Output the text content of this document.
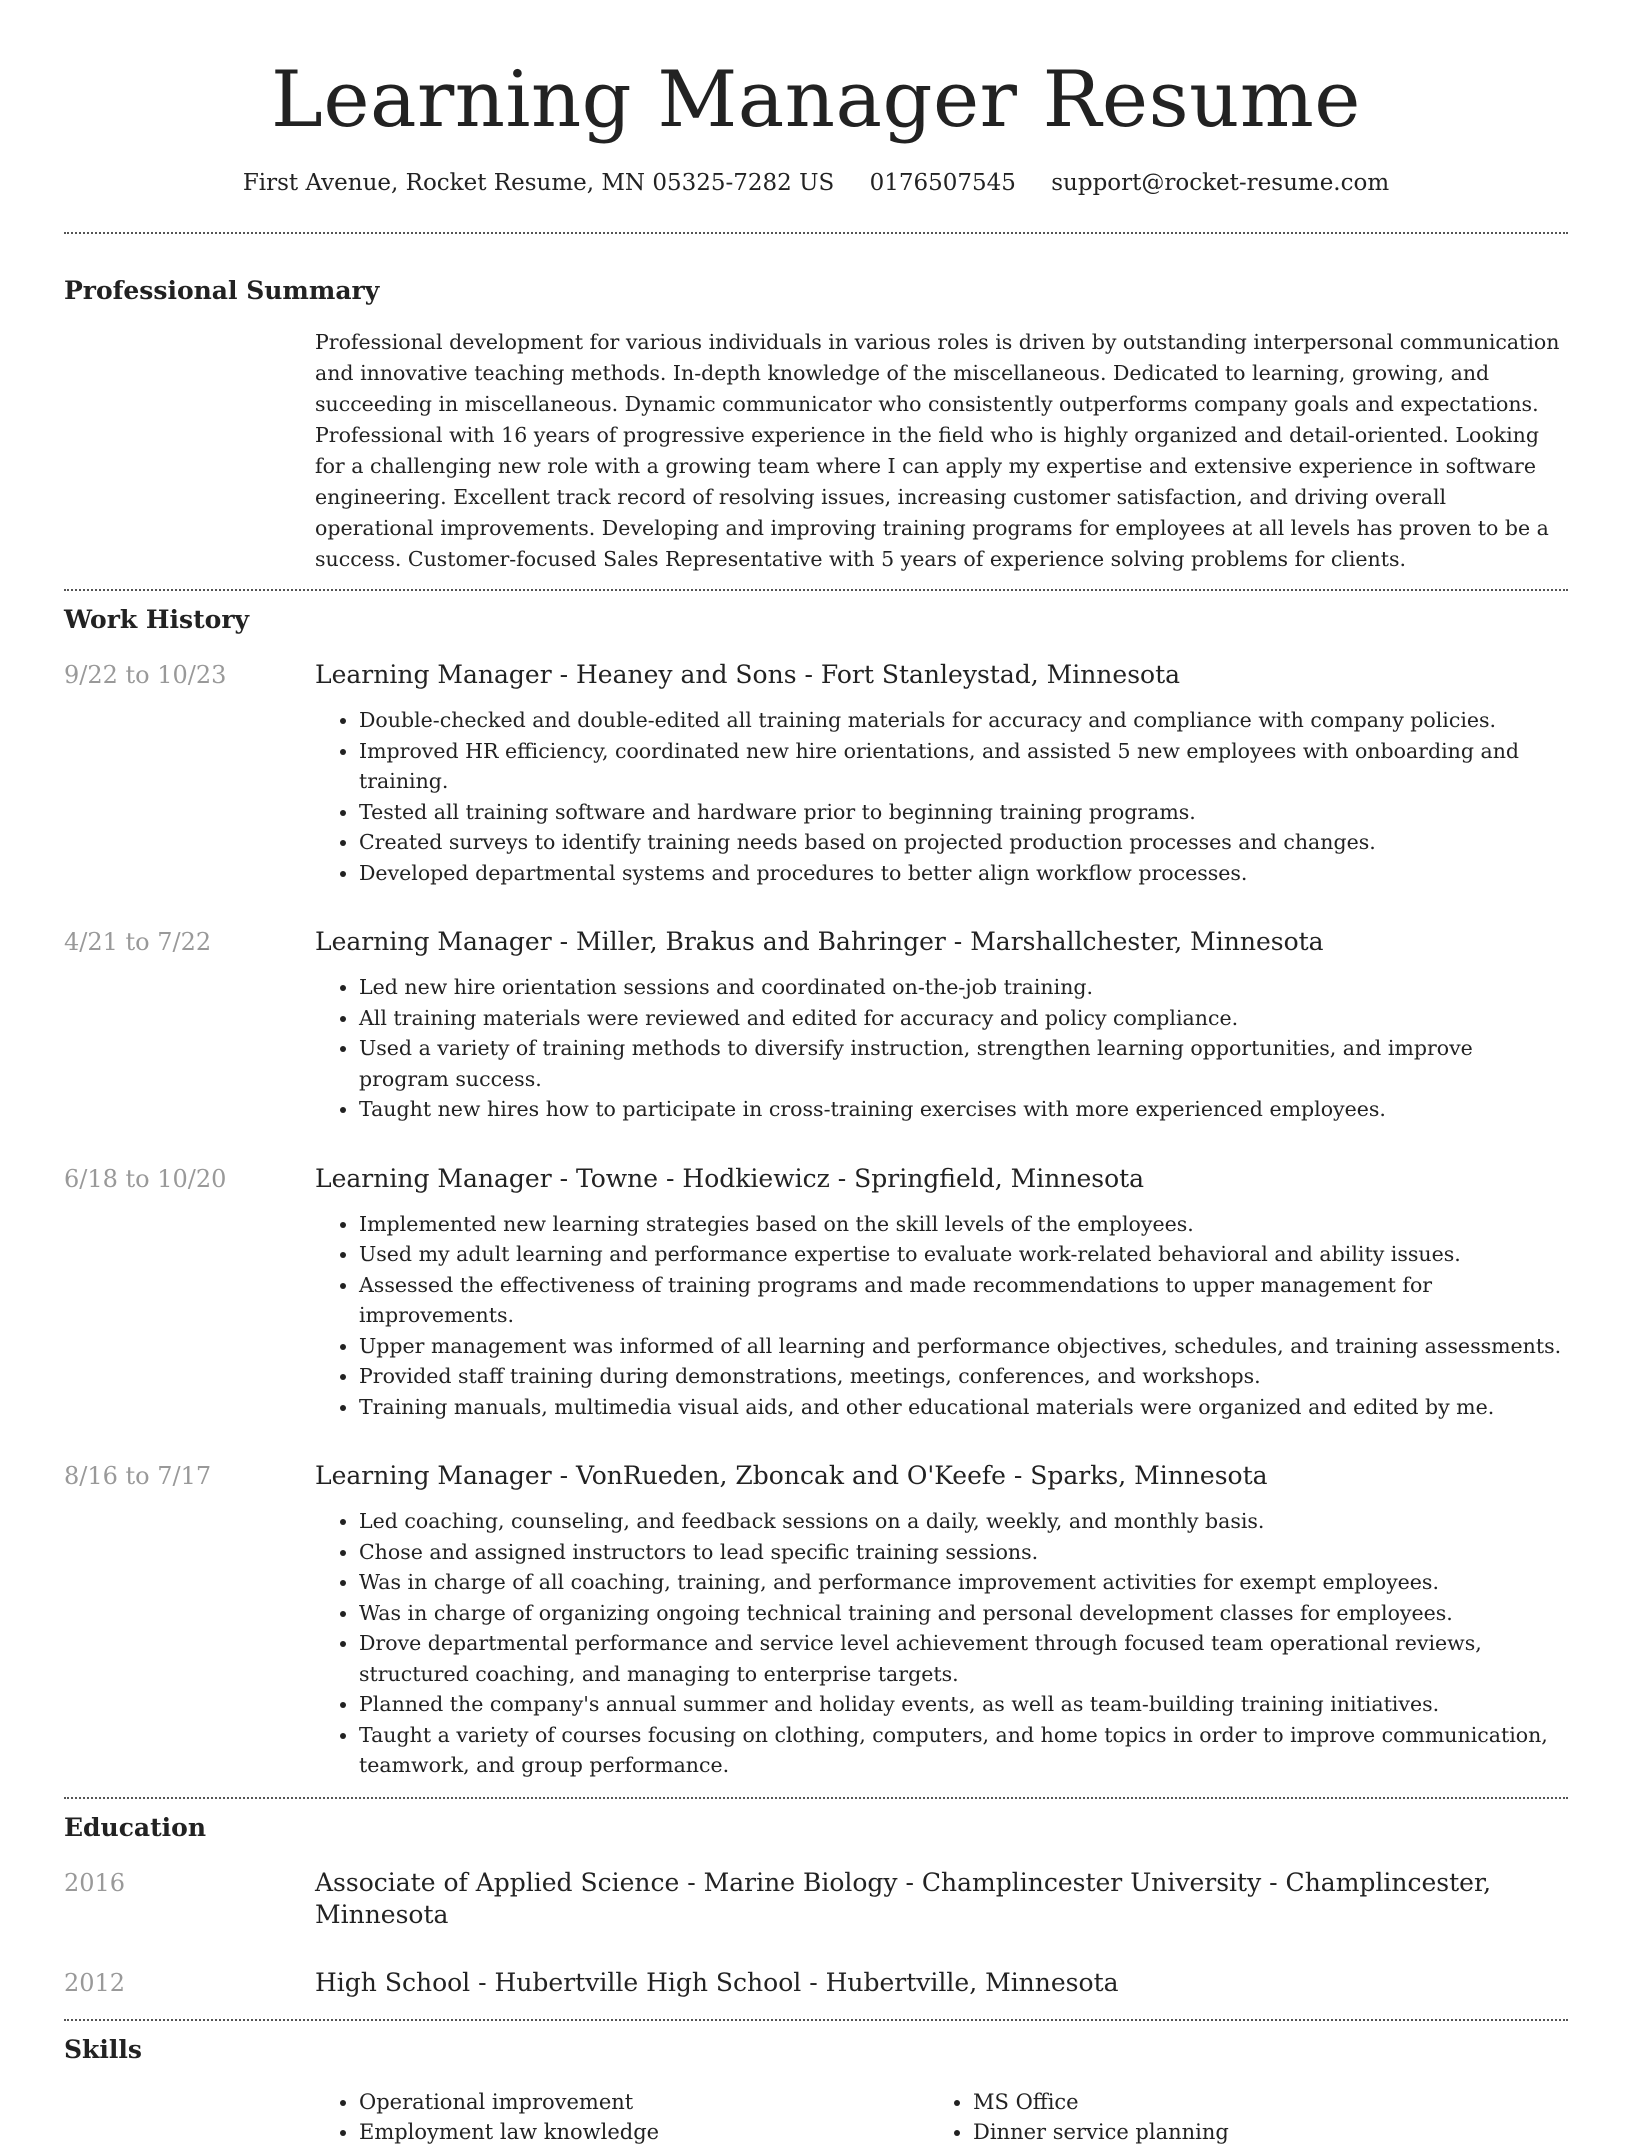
Learning Manager Resume
First Avenue, Rocket Resume, MN 05325-7282 US 0176507545 support@rocket-resume.com
Professional Summary

Professional development for various individuals in various roles is driven by outstanding interpersonal communication and innovative teaching methods. In-depth knowledge of the miscellaneous. Dedicated to learning, growing, and succeeding in miscellaneous. Dynamic communicator who consistently outperforms company goals and expectations. Professional with 16 years of progressive experience in the field who is highly organized and detail-oriented. Looking for a challenging new role with a growing team where I can apply my expertise and extensive experience in software engineering. Excellent track record of resolving issues, increasing customer satisfaction, and driving overall operational improvements. Developing and improving training programs for employees at all levels has proven to be a success. Customer-focused Sales Representative with 5 years of experience solving problems for clients.

Work History
9/22 to 10/23	Learning Manager - Heaney and Sons - Fort Stanleystad, Minnesota
• Double-checked and double-edited all training materials for accuracy and compliance with company policies.
• Improved HR efficiency, coordinated new hire orientations, and assisted 5 new employees with onboarding and training.
• Tested all training software and hardware prior to beginning training programs.
• Created surveys to identify training needs based on projected production processes and changes.
• Developed departmental systems and procedures to better align workflow processes.
4/21 to 7/22	Learning Manager - Miller, Brakus and Bahringer - Marshallchester, Minnesota
• Led new hire orientation sessions and coordinated on-the-job training.
• All training materials were reviewed and edited for accuracy and policy compliance.
• Used a variety of training methods to diversify instruction, strengthen learning opportunities, and improve program success.
• Taught new hires how to participate in cross-training exercises with more experienced employees.
6/18 to 10/20	Learning Manager - Towne - Hodkiewicz - Springfield, Minnesota
• Implemented new learning strategies based on the skill levels of the employees.
• Used my adult learning and performance expertise to evaluate work-related behavioral and ability issues.
• Assessed the effectiveness of training programs and made recommendations to upper management for improvements.
• Upper management was informed of all learning and performance objectives, schedules, and training assessments.
• Provided staff training during demonstrations, meetings, conferences, and workshops.
• Training manuals, multimedia visual aids, and other educational materials were organized and edited by me.
8/16 to 7/17	Learning Manager - VonRueden, Zboncak and O'Keefe - Sparks, Minnesota
• Led coaching, counseling, and feedback sessions on a daily, weekly, and monthly basis.
• Chose and assigned instructors to lead specific training sessions.
• Was in charge of all coaching, training, and performance improvement activities for exempt employees.
• Was in charge of organizing ongoing technical training and personal development classes for employees.
• Drove departmental performance and service level achievement through focused team operational reviews, structured coaching, and managing to enterprise targets.
• Planned the company's annual summer and holiday events, as well as team-building training initiatives.
• Taught a variety of courses focusing on clothing, computers, and home topics in order to improve communication, teamwork, and group performance.
Education
2016	Associate of Applied Science - Marine Biology - Champlincester University - Champlincester, Minnesota
2012	High School - Hubertville High School - Hubertville, Minnesota
Skills
• Operational improvement
• Employment law knowledge
• MS Office
• Dinner service planning
